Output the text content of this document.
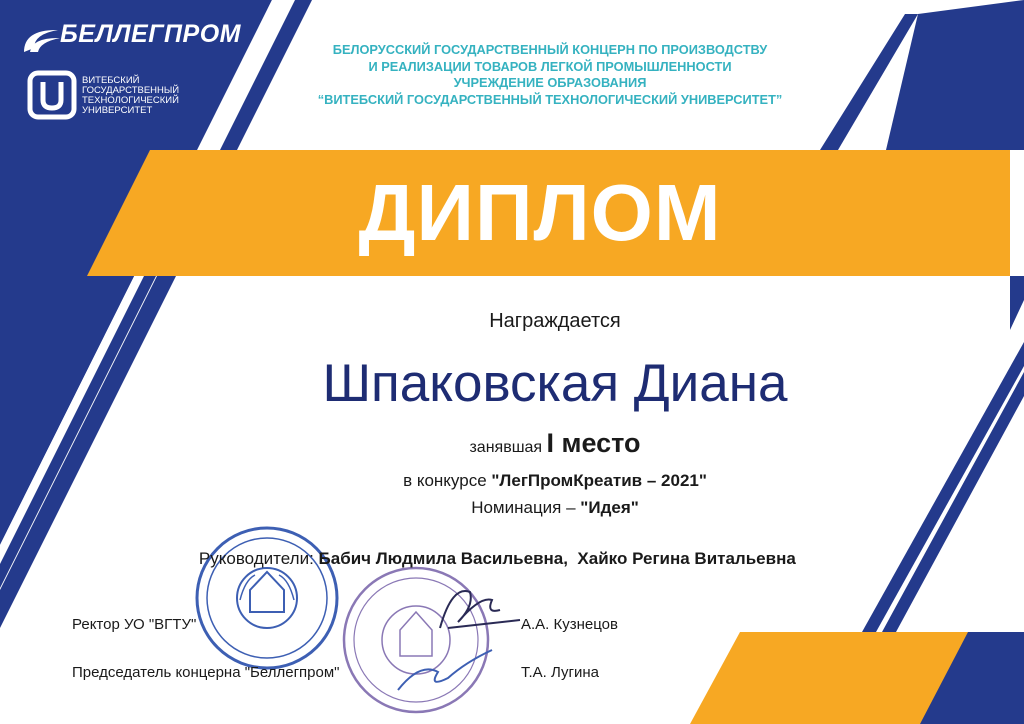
БЕЛЛЕГПРОМ
ВИТЕБСКИЙ
ГОСУДАРСТВЕННЫЙ
ТЕХНОЛОГИЧЕСКИЙ
УНИВЕРСИТЕТ
БЕЛОРУССКИЙ ГОСУДАРСТВЕННЫЙ КОНЦЕРН ПО ПРОИЗВОДСТВУ
И РЕАЛИЗАЦИИ ТОВАРОВ ЛЕГКОЙ ПРОМЫШЛЕННОСТИ
УЧРЕЖДЕНИЕ ОБРАЗОВАНИЯ
“ВИТЕБСКИЙ ГОСУДАРСТВЕННЫЙ ТЕХНОЛОГИЧЕСКИЙ УНИВЕРСИТЕТ”
ДИПЛОМ
Награждается
Шпаковская Диана
занявшая I место
в конкурсе "ЛегПромКреатив – 2021"
Номинация – "Идея"

Руководители: Бабич Людмила Васильевна,  Хайко Регина Витальевна

Ректор УО "ВГТУ"	А.А. Кузнецов
Председатель концерна "Беллегпром"	Т.А. Лугина
